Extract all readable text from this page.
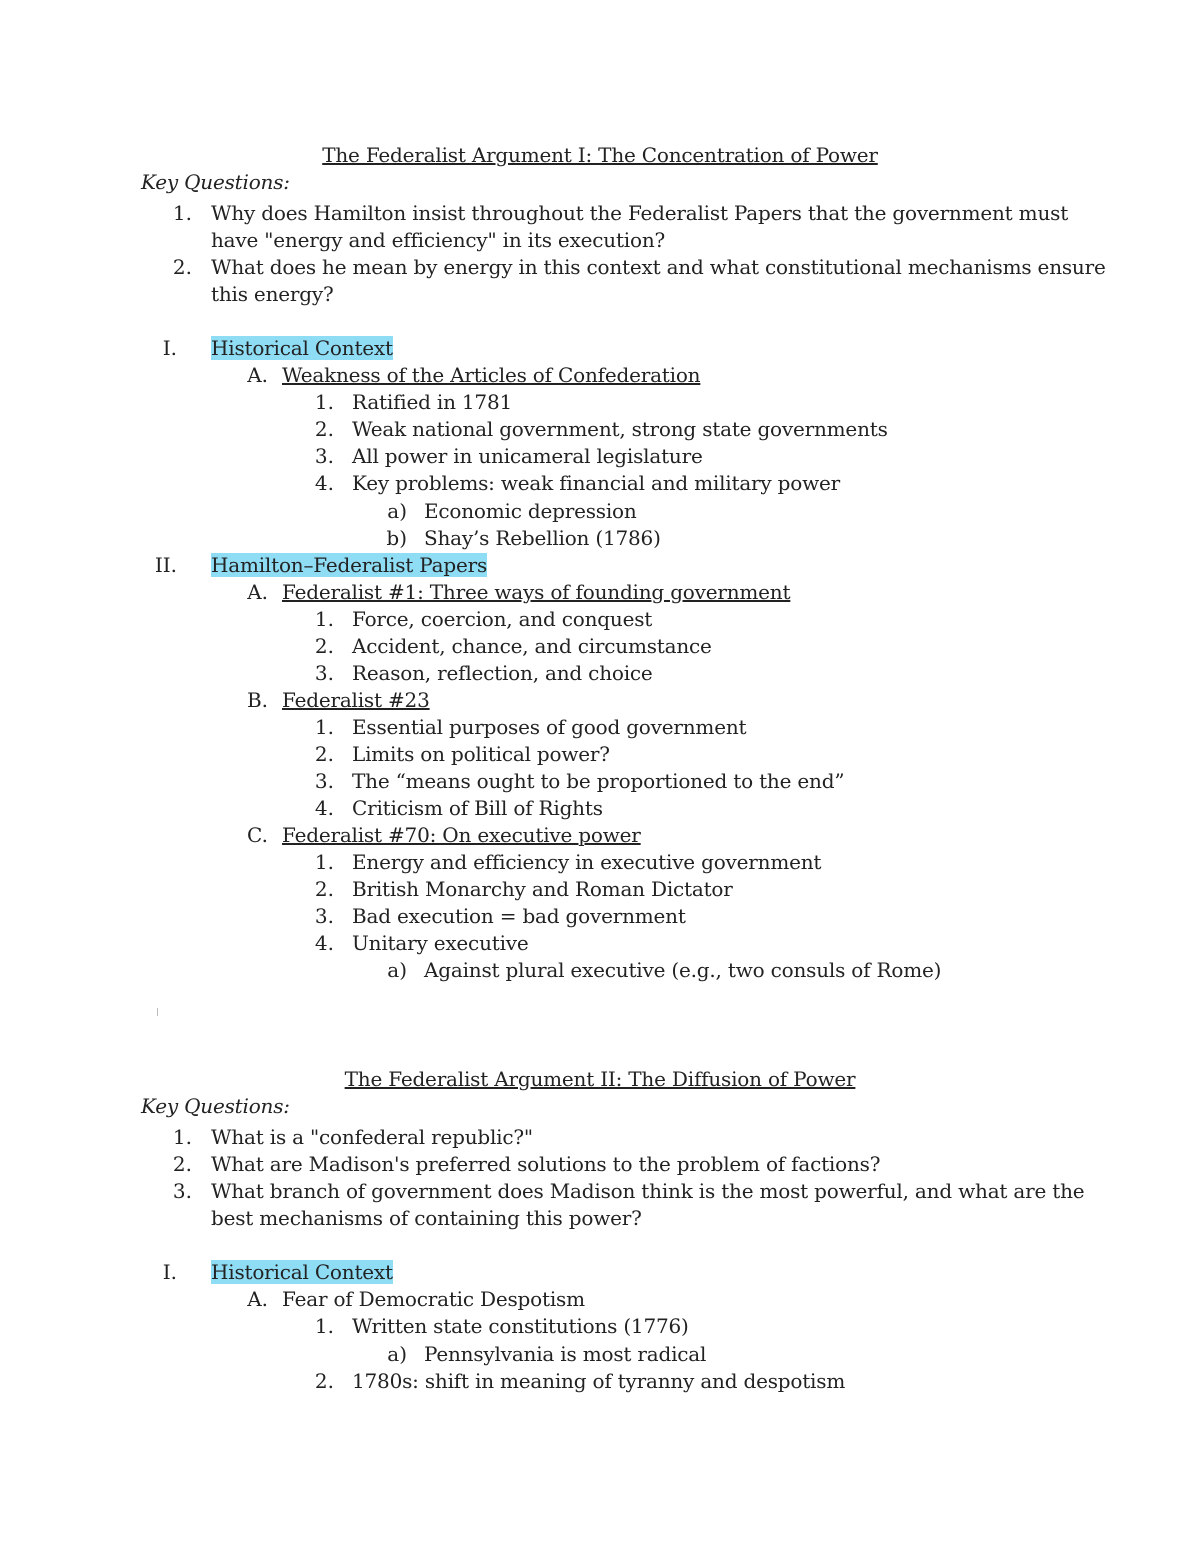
The Federalist Argument I: The Concentration of Power
Key Questions:
1. Why does Hamilton insist throughout the Federalist Papers that the government must
have "energy and efficiency" in its execution?
2. What does he mean by energy in this context and what constitutional mechanisms ensure
this energy?
I. Historical Context
A. Weakness of the Articles of Confederation
1. Ratified in 1781
2. Weak national government, strong state governments
3. All power in unicameral legislature
4. Key problems: weak financial and military power
a) Economic depression
b) Shay’s Rebellion (1786)
II. Hamilton–Federalist Papers
A. Federalist #1: Three ways of founding government
1. Force, coercion, and conquest
2. Accident, chance, and circumstance
3. Reason, reflection, and choice
B. Federalist #23
1. Essential purposes of good government
2. Limits on political power?
3. The “means ought to be proportioned to the end”
4. Criticism of Bill of Rights
C. Federalist #70: On executive power
1. Energy and efficiency in executive government
2. British Monarchy and Roman Dictator
3. Bad execution = bad government
4. Unitary executive
a) Against plural executive (e.g., two consuls of Rome)
The Federalist Argument II: The Diffusion of Power
Key Questions:
1. What is a "confederal republic?"
2. What are Madison's preferred solutions to the problem of factions?
3. What branch of government does Madison think is the most powerful, and what are the
best mechanisms of containing this power?
I. Historical Context
A. Fear of Democratic Despotism
1. Written state constitutions (1776)
a) Pennsylvania is most radical
2. 1780s: shift in meaning of tyranny and despotism
